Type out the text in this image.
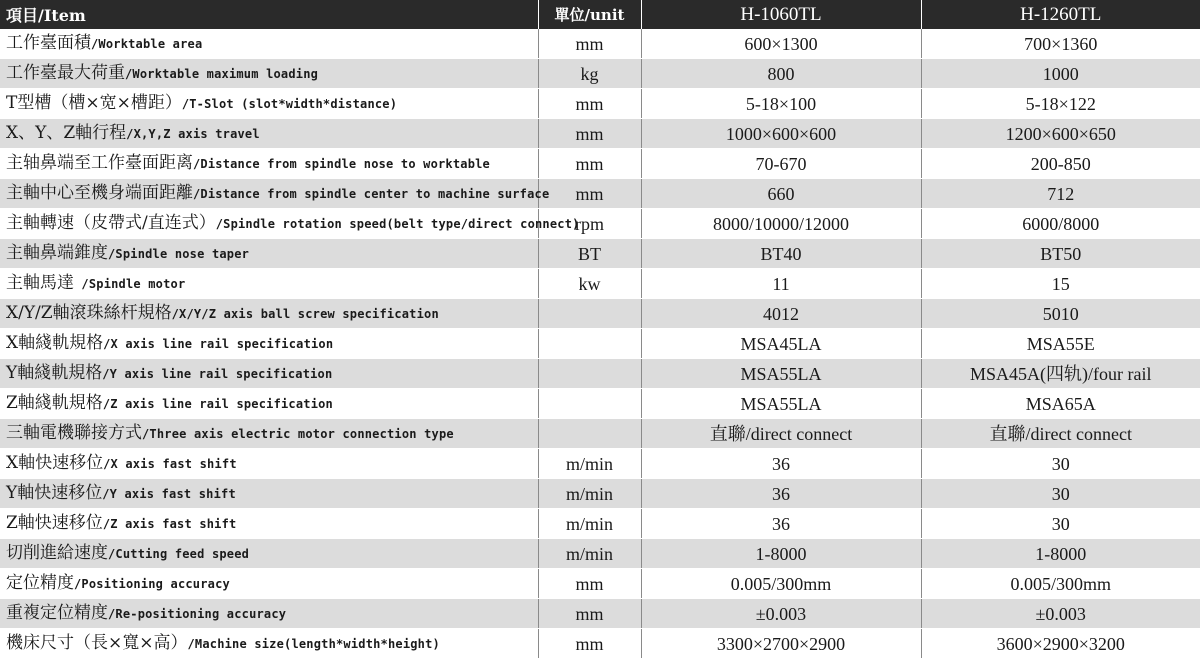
項目/Item	單位/unit	H-1060TL	H-1260TL
工作臺面積/Worktable area	mm	600×1300	700×1360
工作臺最大荷重/Worktable maximum loading	kg	800	1000
T型槽（槽×宽×槽距）/T-Slot (slot*width*distance)	mm	5-18×100	5-18×122
X、Y、Z軸行程/X,Y,Z axis travel	mm	1000×600×600	1200×600×650
主轴鼻端至工作臺面距离/Distance from spindle nose to worktable	mm	70-670	200-850
主軸中心至機身端面距離/Distance from spindle center to machine surface	mm	660	712
主軸轉速（皮帶式/直连式）/Spindle rotation speed(belt type/direct connect)	rpm	8000/10000/12000	6000/8000
主軸鼻端錐度/Spindle nose taper	BT	BT40	BT50
主軸馬達 /Spindle motor	kw	11	15
X/Y/Z軸滾珠絲杆規格/X/Y/Z axis ball screw specification		4012	5010
X軸綫軌規格/X axis line rail specification		MSA45LA	MSA55E
Y軸綫軌規格/Y axis line rail specification		MSA55LA	MSA45A(四轨)/four rail
Z軸綫軌規格/Z axis line rail specification		MSA55LA	MSA65A
三軸電機聯接方式/Three axis electric motor connection type		直聯/direct connect	直聯/direct connect
X軸快速移位/X axis fast shift	m/min	36	30
Y軸快速移位/Y axis fast shift	m/min	36	30
Z軸快速移位/Z axis fast shift	m/min	36	30
切削進給速度/Cutting feed speed	m/min	1-8000	1-8000
定位精度/Positioning accuracy	mm	0.005/300mm	0.005/300mm
重複定位精度/Re-positioning accuracy	mm	±0.003	±0.003
機床尺寸（長×寬×高）/Machine size(length*width*height)	mm	3300×2700×2900	3600×2900×3200
